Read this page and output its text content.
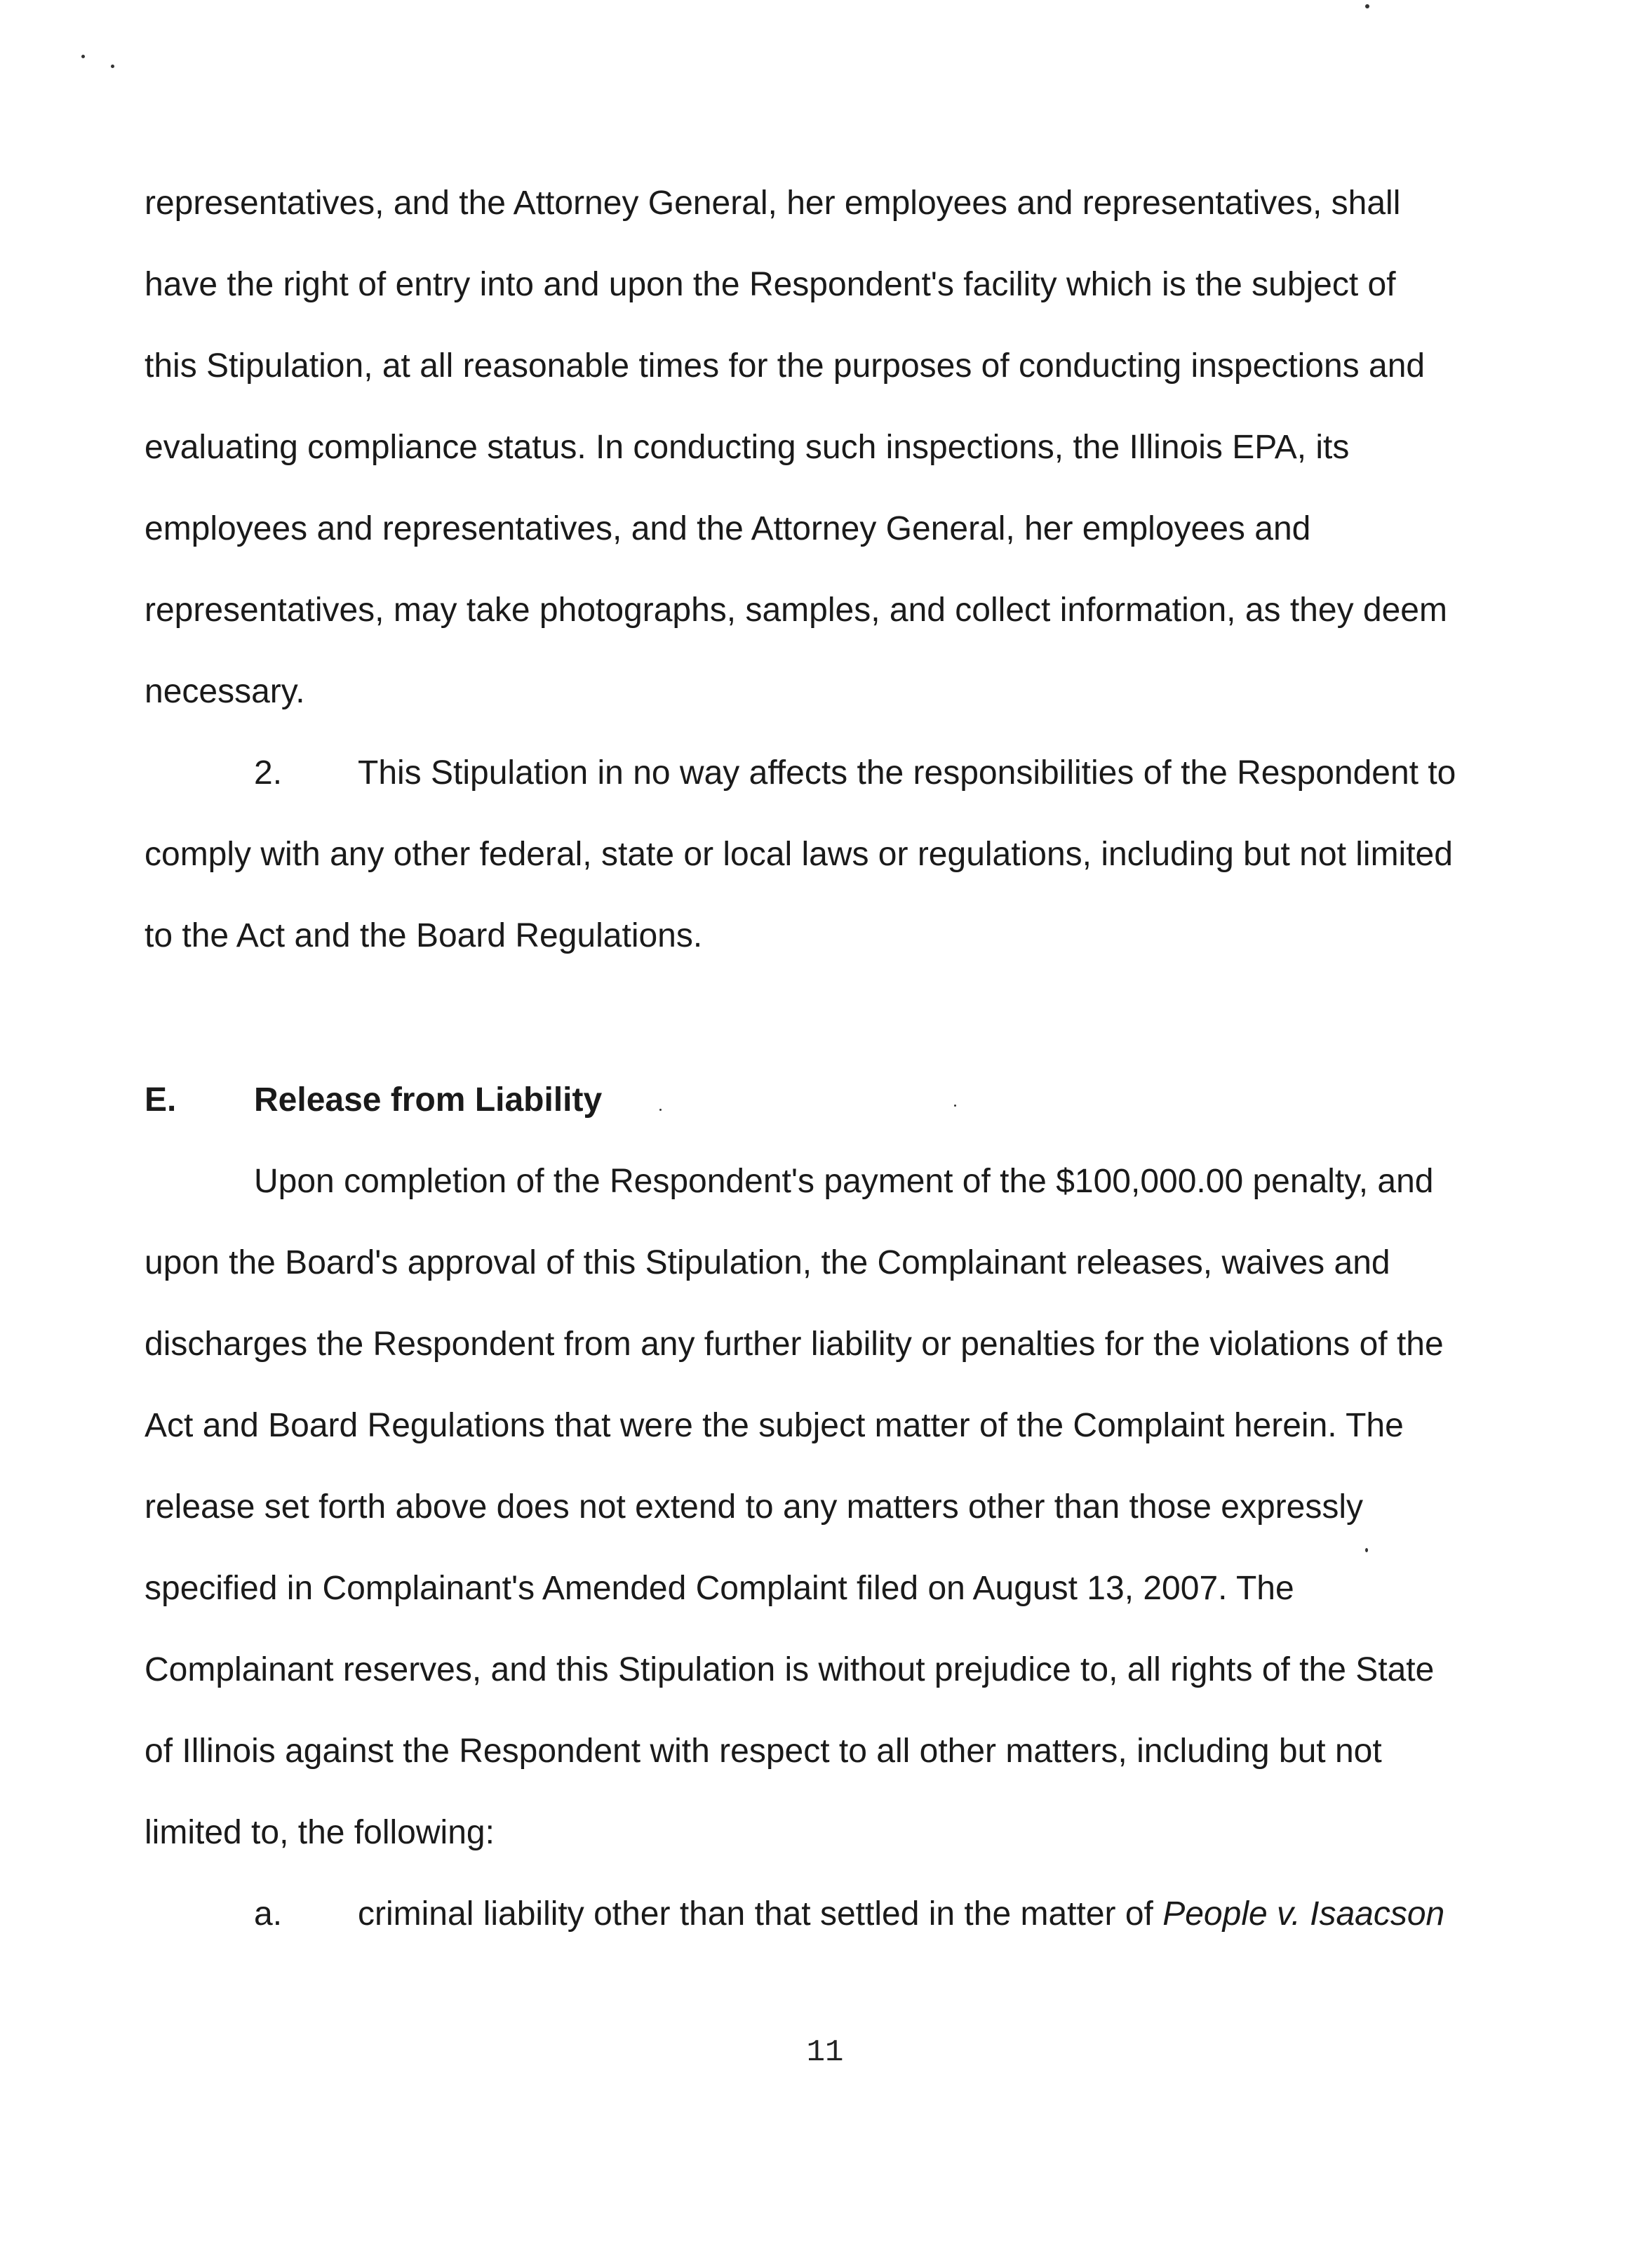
representatives, and the Attorney General, her employees and representatives, shall
have the right of entry into and upon the Respondent's facility which is the subject of
this Stipulation, at all reasonable times for the purposes of conducting inspections and
evaluating compliance status. In conducting such inspections, the Illinois EPA, its
employees and representatives, and the Attorney General, her employees and
representatives, may take photographs, samples, and collect information, as they deem
necessary.
2. This Stipulation in no way affects the responsibilities of the Respondent to
comply with any other federal, state or local laws or regulations, including but not limited
to the Act and the Board Regulations.
E. Release from Liability
Upon completion of the Respondent's payment of the $100,000.00 penalty, and
upon the Board's approval of this Stipulation, the Complainant releases, waives and
discharges the Respondent from any further liability or penalties for the violations of the
Act and Board Regulations that were the subject matter of the Complaint herein. The
release set forth above does not extend to any matters other than those expressly
specified in Complainant's Amended Complaint filed on August 13, 2007. The
Complainant reserves, and this Stipulation is without prejudice to, all rights of the State
of Illinois against the Respondent with respect to all other matters, including but not
limited to, the following:
a. criminal liability other than that settled in the matter of People v. Isaacson
11
